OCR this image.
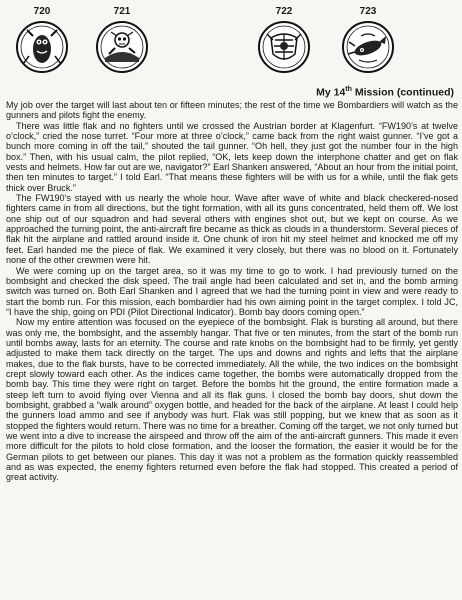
720	721	722	723
My 14th Mission (continued)

My job over the target will last about ten or fifteen minutes; the rest of the time we Bombardiers will watch as the gunners and pilots fight the enemy.

There was little flak and no fighters until we crossed the Austrian border at Klagenfurt. “FW190’s at twelve o’clock,” cried the nose turret. “Four more at three o’clock,” came back from the right waist gunner. “I’ve got a bunch more coming in off the tail,” shouted the tail gunner. “Oh hell, they just got the number four in the high box.” Then, with his usual calm, the pilot replied, “OK, lets keep down the interphone chatter and get on flak vests and helmets. How far out are we, navigator?” Earl Shanken answered, “About an hour from the initial point, then ten minutes to target.” I told Earl. “That means these fighters will be with us for a while, until the flak gets thick over Bruck.”

The FW190’s stayed with us nearly the whole hour. Wave after wave of white and black checkered-nosed fighters came in from all directions, but the tight formation, with all its guns concentrated, held them off. We lost one ship out of our squadron and had several others with engines shot out, but we kept on course. As we approached the turning point, the anti-aircraft fire became as thick as clouds in a thunderstorm. Several pieces of flak hit the airplane and rattled around inside it. One chunk of iron hit my steel helmet and knocked me off my feet. Earl handed me the piece of flak. We examined it very closely, but there was no blood on it. Fortunately none of the other crewmen were hit.

We were coming up on the target area, so it was my time to go to work. I had previously turned on the bombsight and checked the disk speed. The trail angle had been calculated and set in, and the bomb arming switch was turned on. Both Earl Shanken and I agreed that we had the turning point in view and were ready to start the bomb run. For this mission, each bombardier had his own aiming point in the target complex. I told JC, “I have the ship, going on PDI (Pilot Directional Indicator). Bomb bay doors coming open.”

Now my entire attention was focused on the eyepiece of the bombsight. Flak is bursting all around, but there was only me, the bombsight, and the assembly hangar. That five or ten minutes, from the start of the bomb run until bombs away, lasts for an eternity. The course and rate knobs on the bombsight had to be firmly, yet gently adjusted to make them tack directly on the target. The ups and downs and rights and lefts that the airplane makes, due to the flak bursts, have to be corrected immediately. All the while, the two indices on the bombsight crept slowly toward each other. As the indices came together, the bombs were automatically dropped from the bomb bay. This time they were right on target. Before the bombs hit the ground, the entire formation made a steep left turn to avoid flying over Vienna and all its flak guns. I closed the bomb bay doors, shut down the bombsight, grabbed a “walk around” oxygen bottle, and headed for the back of the airplane. At least I could help the gunners load ammo and see if anybody was hurt. Flak was still popping, but we knew that as soon as it stopped the fighters would return. There was no time for a breather. Coming off the target, we not only turned but we went into a dive to increase the airspeed and throw off the aim of the anti-aircraft gunners. This made it even more difficult for the pilots to hold close formation, and the looser the formation, the easier it would be for the German pilots to get between our planes. This day it was not a problem as the formation quickly reassembled and as was expected, the enemy fighters returned even before the flak had stopped. This created a period of great activity.
